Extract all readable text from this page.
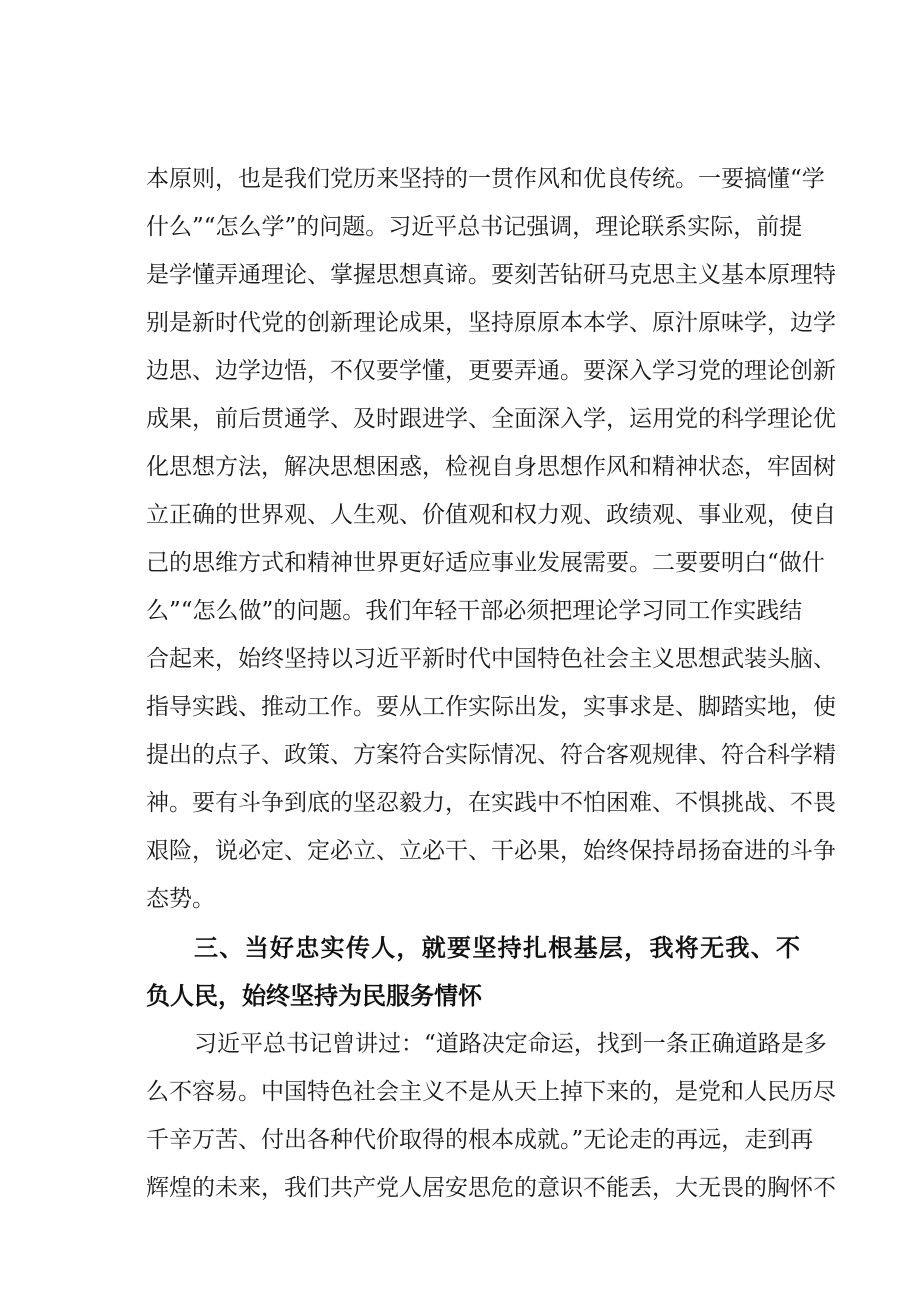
本原则，也是我们党历来坚持的一贯作风和优良传统。一要搞懂“学
什么”“怎么学”的问题。习近平总书记强调，理论联系实际，前提
是学懂弄通理论、掌握思想真谛。要刻苦钻研马克思主义基本原理特
别是新时代党的创新理论成果，坚持原原本本学、原汁原味学，边学
边思、边学边悟，不仅要学懂，更要弄通。要深入学习党的理论创新
成果，前后贯通学、及时跟进学、全面深入学，运用党的科学理论优
化思想方法，解决思想困惑，检视自身思想作风和精神状态，牢固树
立正确的世界观、人生观、价值观和权力观、政绩观、事业观，使自
己的思维方式和精神世界更好适应事业发展需要。二要要明白“做什
么”“怎么做”的问题。我们年轻干部必须把理论学习同工作实践结
合起来，始终坚持以习近平新时代中国特色社会主义思想武装头脑、
指导实践、推动工作。要从工作实际出发，实事求是、脚踏实地，使
提出的点子、政策、方案符合实际情况、符合客观规律、符合科学精
神。要有斗争到底的坚忍毅力，在实践中不怕困难、不惧挑战、不畏
艰险，说必定、定必立、立必干、干必果，始终保持昂扬奋进的斗争
态势。
三、当好忠实传人，就要坚持扎根基层，我将无我、不
负人民，始终坚持为民服务情怀
习近平总书记曾讲过：“道路决定命运，找到一条正确道路是多
么不容易。中国特色社会主义不是从天上掉下来的，是党和人民历尽
千辛万苦、付出各种代价取得的根本成就。”无论走的再远，走到再
辉煌的未来，我们共产党人居安思危的意识不能丢，大无畏的胸怀不
